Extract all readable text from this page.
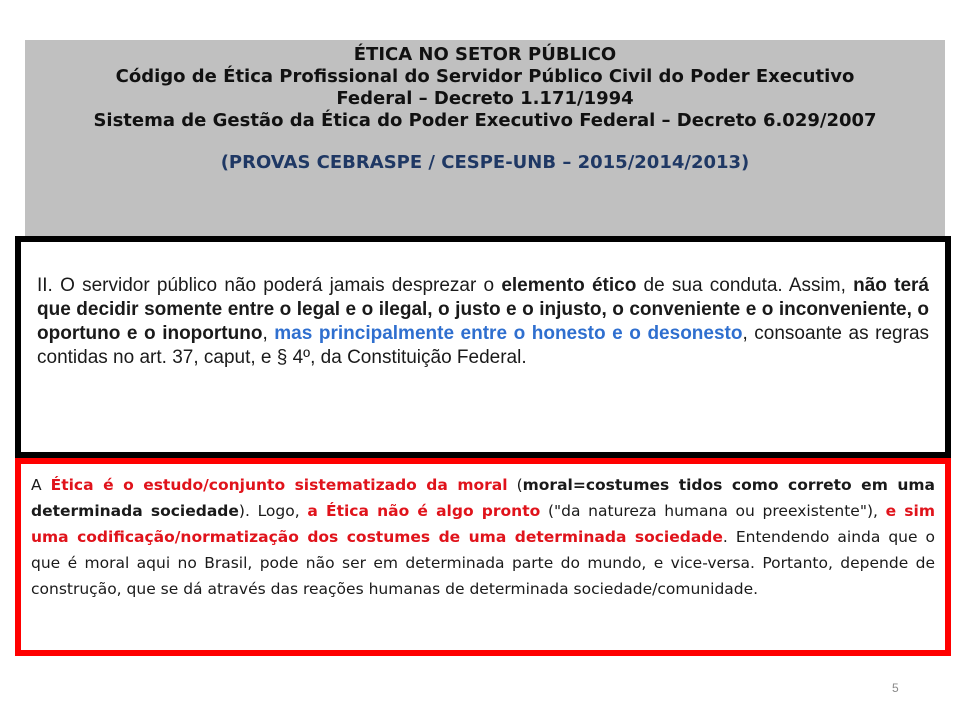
ÉTICA NO SETOR PÚBLICO
Código de Ética Profissional do Servidor Público Civil do Poder Executivo
Federal – Decreto 1.171/1994
Sistema de Gestão da Ética do Poder Executivo Federal – Decreto 6.029/2007
(PROVAS CEBRASPE / CESPE-UNB – 2015/2014/2013)

II. O servidor público não poderá jamais desprezar o elemento ético de sua conduta. Assim, não terá que decidir somente entre o legal e o ilegal, o justo e o injusto, o conveniente e o inconveniente, o oportuno e o inoportuno, mas principalmente entre o honesto e o desonesto, consoante as regras contidas no art. 37, caput, e § 4º, da Constituição Federal.

A Ética é o estudo/conjunto sistematizado da moral (moral=costumes tidos como correto em uma determinada sociedade). Logo, a Ética não é algo pronto ("da natureza humana ou preexistente"), e sim uma codificação/normatização dos costumes de uma determinada sociedade. Entendendo ainda que o que é moral aqui no Brasil, pode não ser em determinada parte do mundo, e vice-versa. Portanto, depende de construção, que se dá através das reações humanas de determinada sociedade/comunidade.

5
